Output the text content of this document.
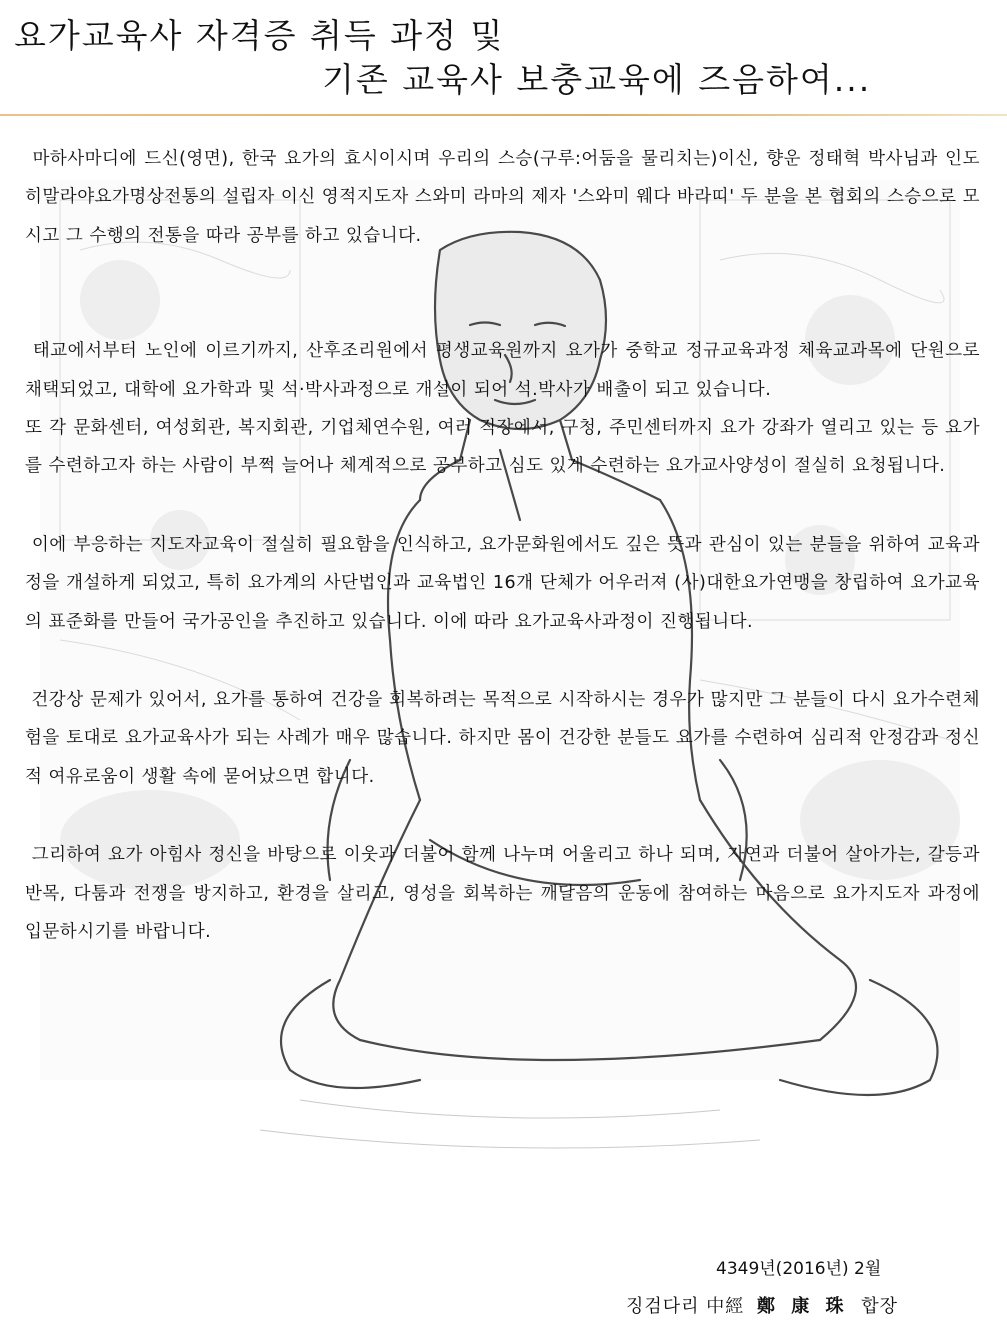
요가교육사 자격증 취득 과정 및
기존 교육사 보충교육에 즈음하여...

마하사마디에 드신(영면), 한국 요가의 효시이시며 우리의 스승(구루:어둠을 물리치는)이신, 향운 정태혁 박사님과 인도 히말라야요가명상전통의 설립자 이신 영적지도자 스와미 라마의 제자 '스와미 웨다 바라띠' 두 분을 본 협회의 스승으로 모시고 그 수행의 전통을 따라 공부를 하고 있습니다.

태교에서부터 노인에 이르기까지, 산후조리원에서 평생교육원까지 요가가 중학교 정규교육과정 체육교과목에 단원으로 채택되었고, 대학에 요가학과 및 석·박사과정으로 개설이 되어 석.박사가 배출이 되고 있습니다.
또 각 문화센터, 여성회관, 복지회관, 기업체연수원, 여러 직장에서, 구청, 주민센터까지 요가 강좌가 열리고 있는 등 요가를 수련하고자 하는 사람이 부쩍 늘어나 체계적으로 공부하고 심도 있게 수련하는 요가교사양성이 절실히 요청됩니다.

이에 부응하는 지도자교육이 절실히 필요함을 인식하고, 요가문화원에서도 깊은 뜻과 관심이 있는 분들을 위하여 교육과정을 개설하게 되었고, 특히 요가계의 사단법인과 교육법인 16개 단체가 어우러져 (사)대한요가연맹을 창립하여 요가교육의 표준화를 만들어 국가공인을 추진하고 있습니다. 이에 따라 요가교육사과정이 진행됩니다.

건강상 문제가 있어서, 요가를 통하여 건강을 회복하려는 목적으로 시작하시는 경우가 많지만 그 분들이 다시 요가수련체험을 토대로 요가교육사가 되는 사례가 매우 많습니다. 하지만 몸이 건강한 분들도 요가를 수련하여 심리적 안정감과 정신적 여유로움이 생활 속에 묻어났으면 합니다.

그리하여 요가 아힘사 정신을 바탕으로 이웃과 더불어 함께 나누며 어울리고 하나 되며, 자연과 더불어 살아가는, 갈등과 반목, 다툼과 전쟁을 방지하고, 환경을 살리고, 영성을 회복하는 깨달음의 운동에 참여하는 마음으로 요가지도자 과정에 입문하시기를 바랍니다.

4349년(2016년) 2월
징검다리 中經 鄭 康 珠 합장
